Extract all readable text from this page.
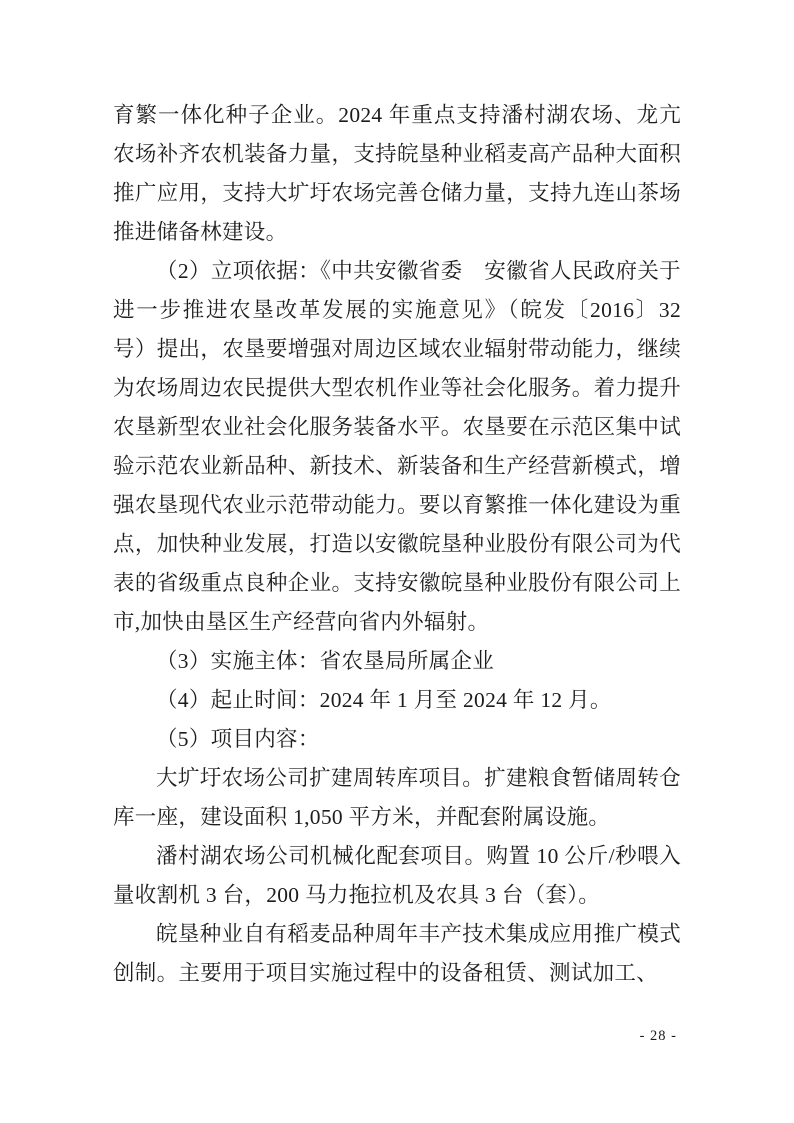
育繁一体化种子企业。2024 年重点支持潘村湖农场、龙亢农场补齐农机装备力量，支持皖垦种业稻麦高产品种大面积推广应用，支持大圹圩农场完善仓储力量，支持九连山茶场推进储备林建设。

（2）立项依据：《中共安徽省委　安徽省人民政府关于进一步推进农垦改革发展的实施意见》（皖发〔2016〕32 号）提出，农垦要增强对周边区域农业辐射带动能力，继续为农场周边农民提供大型农机作业等社会化服务。着力提升农垦新型农业社会化服务装备水平。农垦要在示范区集中试验示范农业新品种、新技术、新装备和生产经营新模式，增强农垦现代农业示范带动能力。要以育繁推一体化建设为重点，加快种业发展，打造以安徽皖垦种业股份有限公司为代表的省级重点良种企业。支持安徽皖垦种业股份有限公司上市,加快由垦区生产经营向省内外辐射。

（3）实施主体：省农垦局所属企业

（4）起止时间：2024 年 1 月至 2024 年 12 月。

（5）项目内容：

大圹圩农场公司扩建周转库项目。扩建粮食暂储周转仓库一座，建设面积 1,050 平方米，并配套附属设施。

潘村湖农场公司机械化配套项目。购置 10 公斤/秒喂入量收割机 3 台，200 马力拖拉机及农具 3 台（套）。

皖垦种业自有稻麦品种周年丰产技术集成应用推广模式创制。主要用于项目实施过程中的设备租赁、测试加工、

- 28 -
